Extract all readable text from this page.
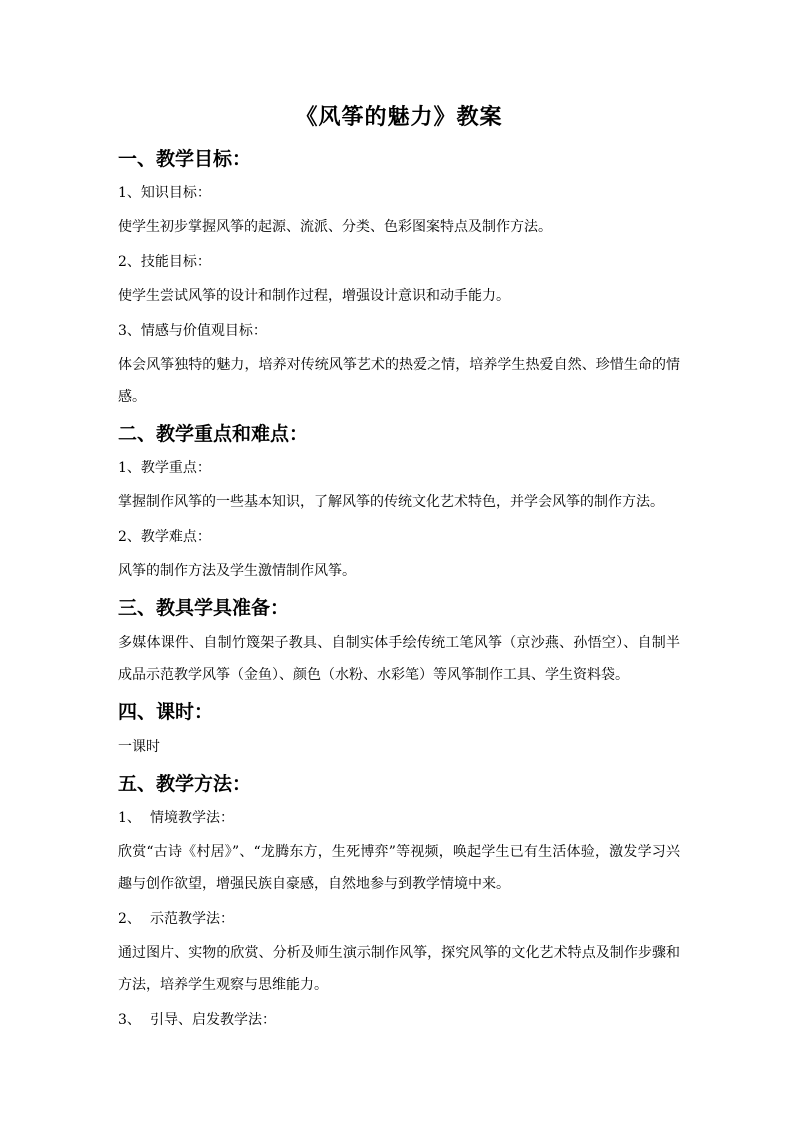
《风筝的魅力》教案
一、教学目标：
1、知识目标：

使学生初步掌握风筝的起源、流派、分类、色彩图案特点及制作方法。

2、技能目标：

使学生尝试风筝的设计和制作过程，增强设计意识和动手能力。

3、情感与价值观目标：

体会风筝独特的魅力，培养对传统风筝艺术的热爱之情，培养学生热爱自然、珍惜生命的情感。

二、教学重点和难点：
1、教学重点：

掌握制作风筝的一些基本知识，了解风筝的传统文化艺术特色，并学会风筝的制作方法。

2、教学难点：

风筝的制作方法及学生激情制作风筝。

三、教具学具准备：

多媒体课件、自制竹篾架子教具、自制实体手绘传统工笔风筝（京沙燕、孙悟空）、自制半成品示范教学风筝（金鱼）、颜色（水粉、水彩笔）等风筝制作工具、学生资料袋。

四、课时：

一课时

五、教学方法：
1、 情境教学法：

欣赏“古诗《村居》”、“龙腾东方，生死博弈”等视频，唤起学生已有生活体验，激发学习兴趣与创作欲望，增强民族自豪感，自然地参与到教学情境中来。

2、 示范教学法：

通过图片、实物的欣赏、分析及师生演示制作风筝，探究风筝的文化艺术特点及制作步骤和方法，培养学生观察与思维能力。

3、 引导、启发教学法：
